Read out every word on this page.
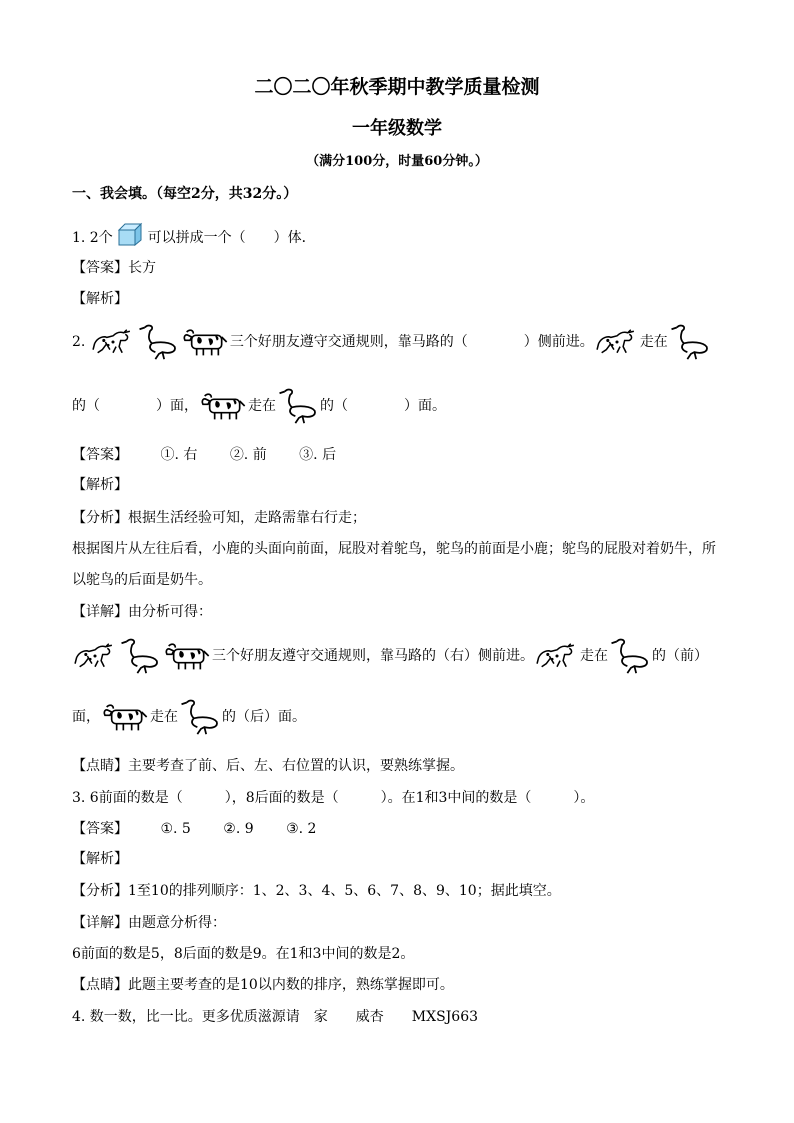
二〇二〇年秋季期中教学质量检测
一年级数学
（满分100分，时量60分钟。）
一、我会填。（每空2分，共32分。）
1. 2个 可以拼成一个（　　）体．
【答案】长方
【解析】
2.	三个好朋友遵守交通规则，靠马路的（　　　　）侧前进。	走在
的（　　　　）面，	走在	的（　　　　）面。
【答案】 ①. 右 ②. 前 ③. 后
【解析】
【分析】根据生活经验可知，走路需靠右行走；
根据图片从左往后看，小鹿的头面向前面，屁股对着鸵鸟，鸵鸟的前面是小鹿；鸵鸟的屁股对着奶牛，所
以鸵鸟的后面是奶牛。
【详解】由分析可得：
三个好朋友遵守交通规则，靠马路的（右）侧前进。	走在	的（前）
面，	走在	的（后）面。
【点睛】主要考查了前、后、左、右位置的认识，要熟练掌握。
3. 6前面的数是（　　　），8后面的数是（　　　）。在1和3中间的数是（　　　）。
【答案】 ①. 5 ②. 9 ③. 2
【解析】
【分析】1至10的排列顺序：1、2、3、4、5、6、7、8、9、10；据此填空。
【详解】由题意分析得：
6前面的数是5，8后面的数是9。在1和3中间的数是2。
【点睛】此题主要考查的是10以内数的排序，熟练掌握即可。
4. 数一数，比一比。更多优质滋源请　家　　威杏　　MXSJ663
